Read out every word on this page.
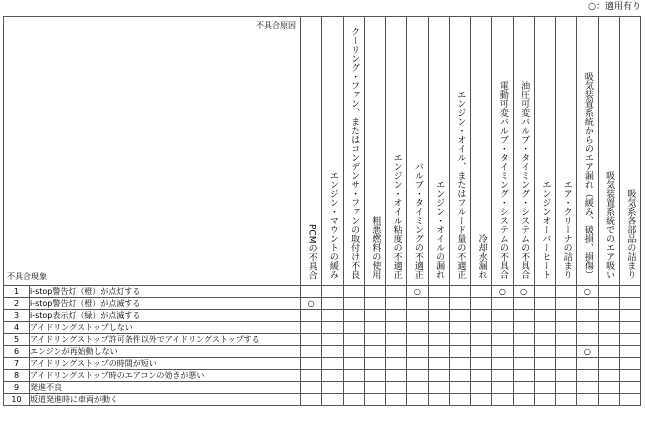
○：適用有り
不具合原因
不具合現象		PCMの不具合	エンジン・マウントの緩み	クーリング・ファン、またはコンデンサ・ファンの取付け不良	粗悪燃料の使用	エンジン・オイル粘度の不適正	バルブ・タイミングの不適正	エンジン・オイルの漏れ	エンジン・オイル、またはフルード量の不適正	冷却水漏れ	電動可変バルブ・タイミング・システムの不具合	油圧可変バルブ・タイミング・システムの不具合	エンジンオーバーヒート	エア・クリーナの詰まり	吸気装置系統からのエア漏れ（緩み、破損、損傷）	吸気装置系統でのエア吸い	吸気系各部品の詰まり
1	i-stop警告灯（橙）が点灯する						○				○	○			○		
2	i-stop警告灯（橙）が点滅する	○															
3	i-stop表示灯（緑）が点滅する																
4	アイドリングストップしない																
5	アイドリングストップ許可条件以外でアイドリングストップする																
6	エンジンが再始動しない														○		
7	アイドリングストップの時間が短い																
8	アイドリングストップ時のエアコンの効きが悪い																
9	発進不良																
10	坂道発進時に車両が動く																
